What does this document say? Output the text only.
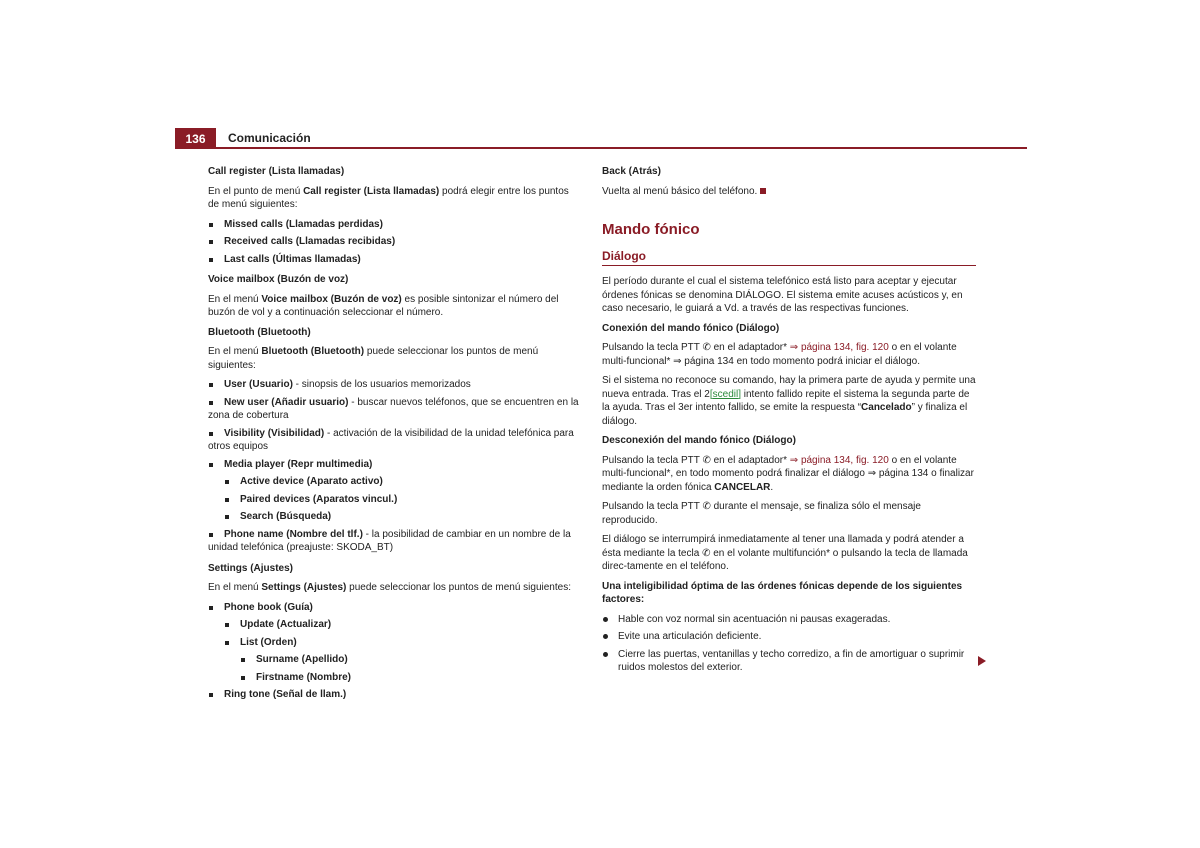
136	Comunicación

Call register (Lista llamadas)

En el punto de menú Call register (Lista llamadas) podrá elegir entre los puntos de menú siguientes:

Missed calls (Llamadas perdidas)
Received calls (Llamadas recibidas)
Last calls (Últimas llamadas)

Voice mailbox (Buzón de voz)

En el menú Voice mailbox (Buzón de voz) es posible sintonizar el número del buzón de vol y a continuación seleccionar el número.

Bluetooth (Bluetooth)

En el menú Bluetooth (Bluetooth) puede seleccionar los puntos de menú siguientes:

User (Usuario) - sinopsis de los usuarios memorizados
New user (Añadir usuario) - buscar nuevos teléfonos, que se encuentren en la zona de cobertura
Visibility (Visibilidad) - activación de la visibilidad de la unidad telefónica para otros equipos
Media player (Repr multimedia)
Active device (Aparato activo)
Paired devices (Aparatos vincul.)
Search (Búsqueda)
Phone name (Nombre del tlf.) - la posibilidad de cambiar en un nombre de la unidad telefónica (preajuste: SKODA_BT)

Settings (Ajustes)

En el menú Settings (Ajustes) puede seleccionar los puntos de menú siguientes:

Phone book (Guía)
Update (Actualizar)
List (Orden)
Surname (Apellido)
Firstname (Nombre)
Ring tone (Señal de llam.)

Back (Atrás)

Vuelta al menú básico del teléfono.

Mando fónico
Diálogo

El período durante el cual el sistema telefónico está listo para aceptar y ejecutar órdenes fónicas se denomina DIÁLOGO. El sistema emite acuses acústicos y, en caso necesario, le guiará a Vd. a través de las respectivas funciones.

Conexión del mando fónico (Diálogo)

Pulsando la tecla PTT ✆ en el adaptador* ⇒ página 134, fig. 120 o en el volante multi-funcional* ⇒ página 134 en todo momento podrá iniciar el diálogo.

Si el sistema no reconoce su comando, hay la primera parte de ayuda y permite una nueva entrada. Tras el 2[scedil] intento fallido repite el sistema la segunda parte de la ayuda. Tras el 3er intento fallido, se emite la respuesta “Cancelado” y finaliza el diálogo.

Desconexión del mando fónico (Diálogo)

Pulsando la tecla PTT ✆ en el adaptador* ⇒ página 134, fig. 120 o en el volante multi-funcional*, en todo momento podrá finalizar el diálogo ⇒ página 134 o finalizar mediante la orden fónica CANCELAR.

Pulsando la tecla PTT ✆ durante el mensaje, se finaliza sólo el mensaje reproducido.

El diálogo se interrumpirá inmediatamente al tener una llamada y podrá atender a ésta mediante la tecla ✆ en el volante multifunción* o pulsando la tecla de llamada direc-tamente en el teléfono.

Una inteligibilidad óptima de las órdenes fónicas depende de los siguientes factores:

Hable con voz normal sin acentuación ni pausas exageradas.
Evite una articulación deficiente.
Cierre las puertas, ventanillas y techo corredizo, a fin de amortiguar o suprimir ruidos molestos del exterior.
